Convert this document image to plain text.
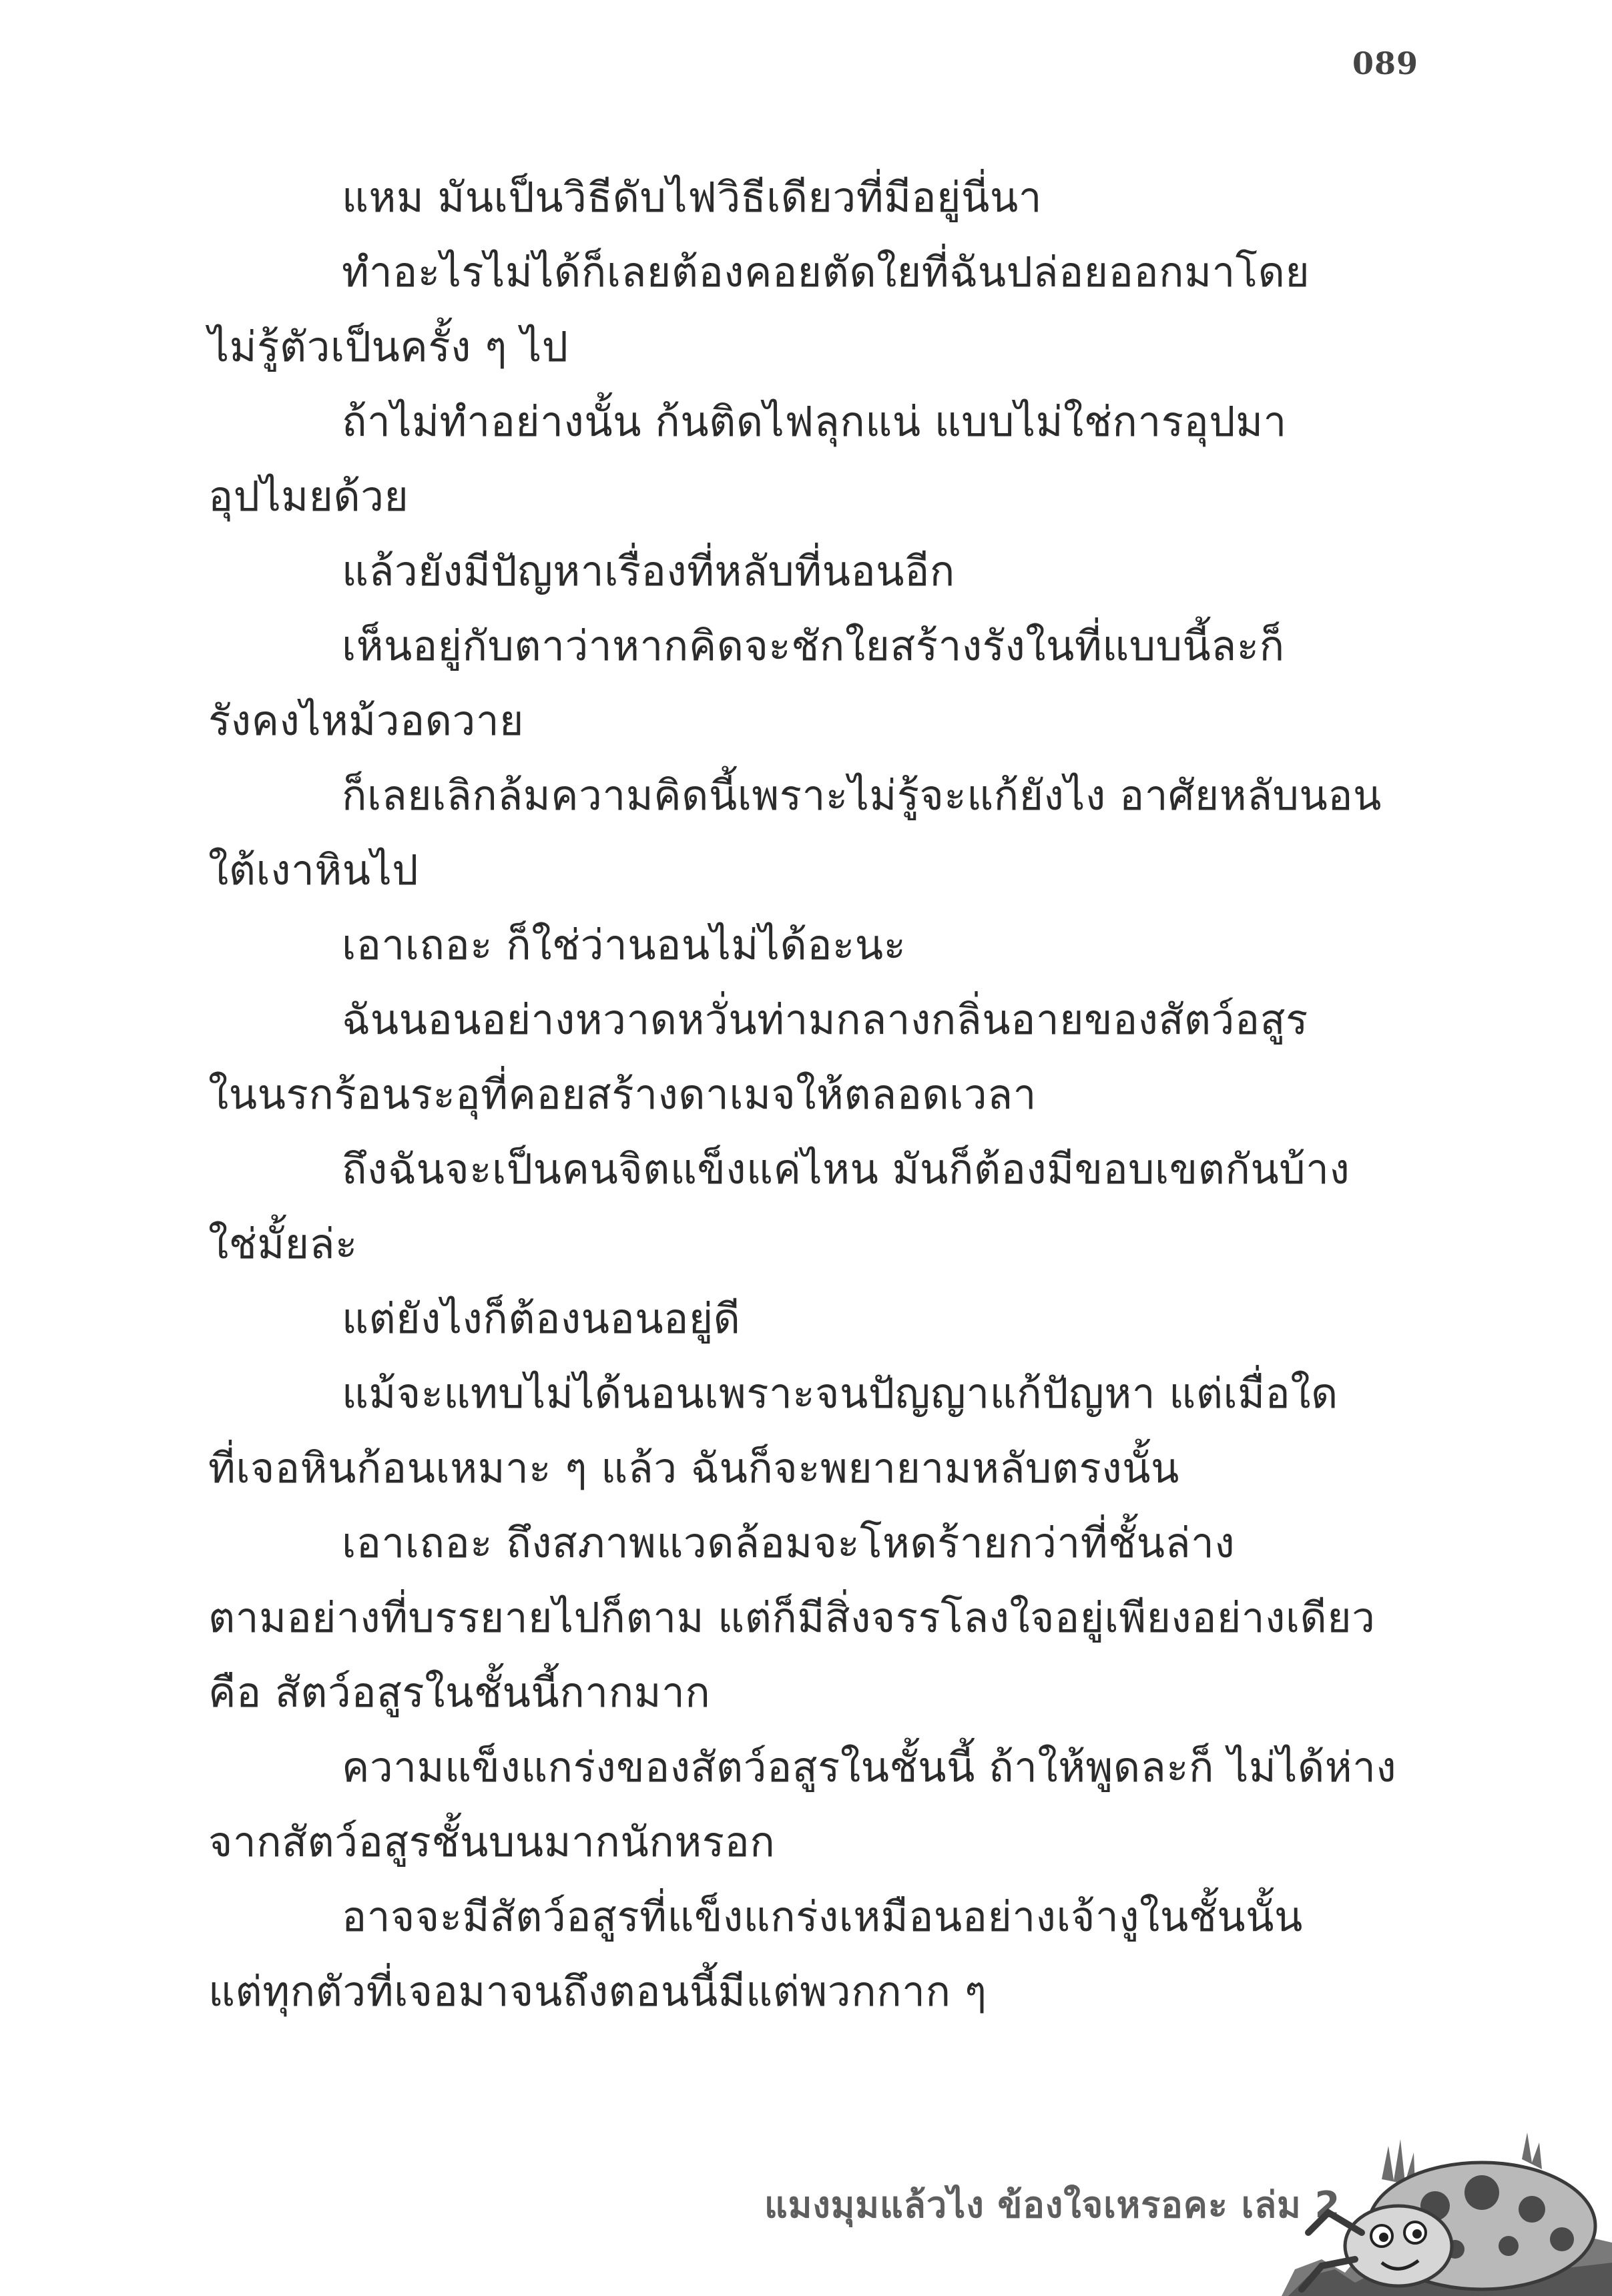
089

แหม มันเป็นวิธีดับไฟวิธีเดียวที่มีอยู่นี่นา

ทำอะไรไม่ได้ก็เลยต้องคอยตัดใยที่ฉันปล่อยออกมาโดย
ไม่รู้ตัวเป็นครั้ง ๆ ไป

ถ้าไม่ทำอย่างนั้น ก้นติดไฟลุกแน่ แบบไม่ใช่การอุปมา
อุปไมยด้วย

แล้วยังมีปัญหาเรื่องที่หลับที่นอนอีก

เห็นอยู่กับตาว่าหากคิดจะชักใยสร้างรังในที่แบบนี้ละก็
รังคงไหม้วอดวาย

ก็เลยเลิกล้มความคิดนี้เพราะไม่รู้จะแก้ยังไง อาศัยหลับนอน
ใต้เงาหินไป

เอาเถอะ ก็ใช่ว่านอนไม่ได้อะนะ

ฉันนอนอย่างหวาดหวั่นท่ามกลางกลิ่นอายของสัตว์อสูร
ในนรกร้อนระอุที่คอยสร้างดาเมจให้ตลอดเวลา

ถึงฉันจะเป็นคนจิตแข็งแค่ไหน มันก็ต้องมีขอบเขตกันบ้าง
ใช่มั้ยล่ะ

แต่ยังไงก็ต้องนอนอยู่ดี

แม้จะแทบไม่ได้นอนเพราะจนปัญญาแก้ปัญหา แต่เมื่อใด
ที่เจอหินก้อนเหมาะ ๆ แล้ว ฉันก็จะพยายามหลับตรงนั้น

เอาเถอะ ถึงสภาพแวดล้อมจะโหดร้ายกว่าที่ชั้นล่าง
ตามอย่างที่บรรยายไปก็ตาม แต่ก็มีสิ่งจรรโลงใจอยู่เพียงอย่างเดียว
คือ สัตว์อสูรในชั้นนี้กากมาก

ความแข็งแกร่งของสัตว์อสูรในชั้นนี้ ถ้าให้พูดละก็ ไม่ได้ห่าง
จากสัตว์อสูรชั้นบนมากนักหรอก

อาจจะมีสัตว์อสูรที่แข็งแกร่งเหมือนอย่างเจ้างูในชั้นนั้น
แต่ทุกตัวที่เจอมาจนถึงตอนนี้มีแต่พวกกาก ๆ

แมงมุมแล้วไง ข้องใจเหรอคะ เล่ม 2
